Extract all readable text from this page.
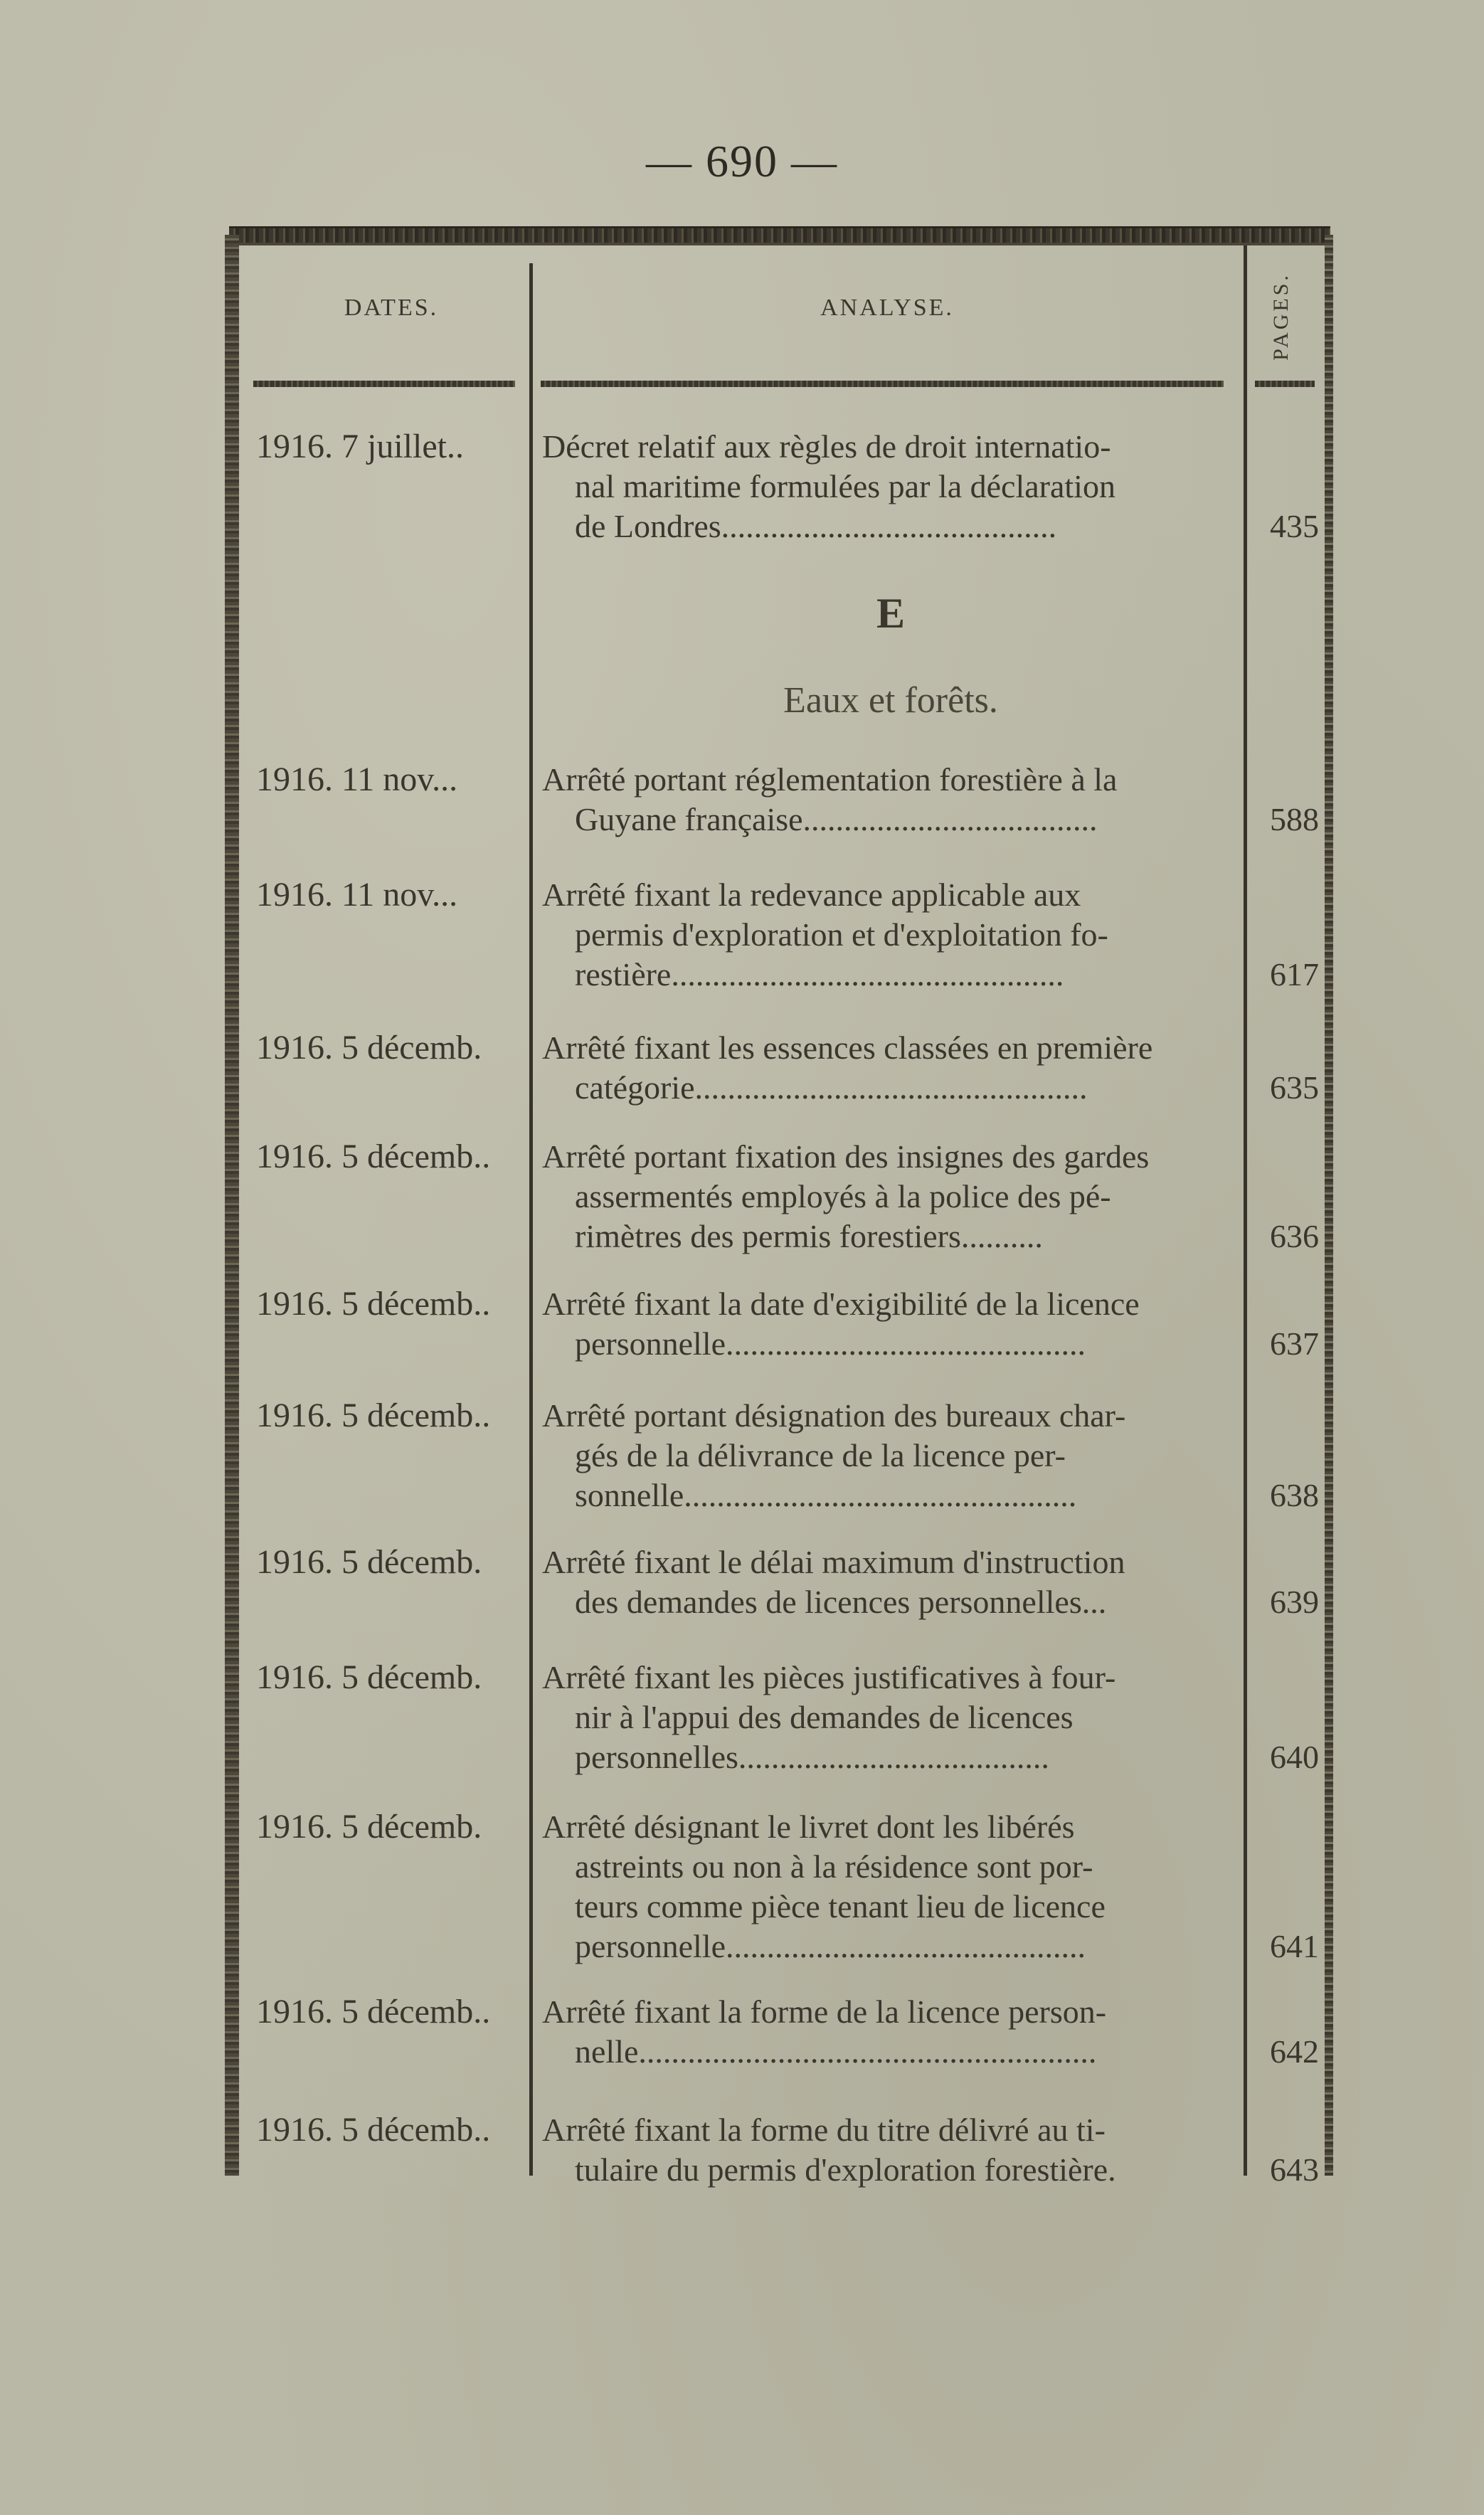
— 690 —
DATES.	ANALYSE.	PAGES.
E
Eaux et forêts.
1916. 7 juillet..	Décret relatif aux règles de droit internatio-
nal maritime formulées par la déclaration
de Londres.........................................	435
1916. 11 nov...	Arrêté portant réglementation forestière à la
Guyane française....................................	588
1916. 11 nov...	Arrêté fixant la redevance applicable aux
permis d'exploration et d'exploitation fo-
restière................................................	617
1916. 5 décemb.	Arrêté fixant les essences classées en première
catégorie................................................	635
1916. 5 décemb..	Arrêté portant fixation des insignes des gardes
assermentés employés à la police des pé-
rimètres des permis forestiers..........	636
1916. 5 décemb..	Arrêté fixant la date d'exigibilité de la licence
personnelle............................................	637
1916. 5 décemb..	Arrêté portant désignation des bureaux char-
gés de la délivrance de la licence per-
sonnelle................................................	638
1916. 5 décemb.	Arrêté fixant le délai maximum d'instruction
des demandes de licences personnelles...	639
1916. 5 décemb.	Arrêté fixant les pièces justificatives à four-
nir à l'appui des demandes de licences
personnelles......................................	640
1916. 5 décemb.	Arrêté désignant le livret dont les libérés
astreints ou non à la résidence sont por-
teurs comme pièce tenant lieu de licence
personnelle............................................	641
1916. 5 décemb..	Arrêté fixant la forme de la licence person-
nelle........................................................	642
1916. 5 décemb..	Arrêté fixant la forme du titre délivré au ti-
tulaire du permis d'exploration forestière.	643
